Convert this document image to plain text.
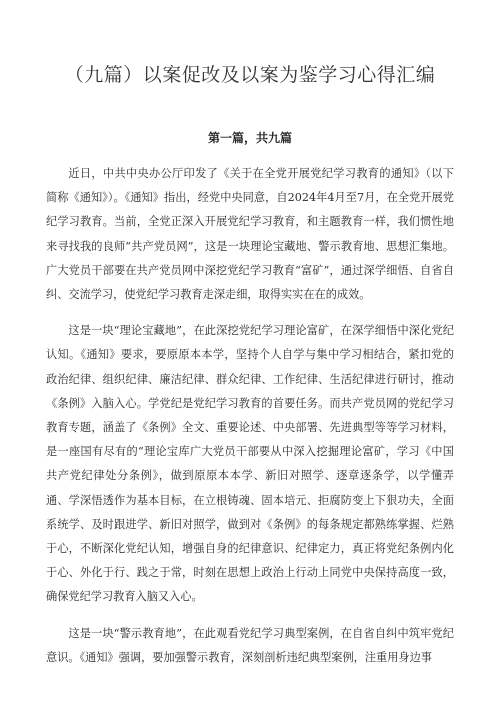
（九篇）以案促改及以案为鉴学习心得汇编
第一篇，共九篇

近日，中共中央办公厅印发了《关于在全党开展党纪学习教育的通知》（以下简称《通知》）。《通知》指出，经党中央同意，自2024年4月至7月，在全党开展党纪学习教育。当前，全党正深入开展党纪学习教育，和主题教育一样，我们惯性地来寻找我的良师“共产党员网”，这是一块理论宝藏地、警示教育地、思想汇集地。广大党员干部要在共产党员网中深挖党纪学习教育“富矿”，通过深学细悟、自省自纠、交流学习，使党纪学习教育走深走细，取得实实在在的成效。

这是一块“理论宝藏地”，在此深挖党纪学习理论富矿，在深学细悟中深化党纪认知。《通知》要求，要原原本本学，坚持个人自学与集中学习相结合，紧扣党的政治纪律、组织纪律、廉洁纪律、群众纪律、工作纪律、生活纪律进行研讨，推动《条例》入脑入心。学党纪是党纪学习教育的首要任务。而共产党员网的党纪学习教育专题，涵盖了《条例》全文、重要论述、中央部署、先进典型等等学习材料，是一座国有尽有的“理论宝库广大党员干部要从中深入挖掘理论富矿，学习《中国共产党纪律处分条例》，做到原原本本学、新旧对照学、逐章逐条学，以学懂弄通、学深悟透作为基本目标，在立根铸魂、固本培元、拒腐防变上下狠功夫，全面系统学、及时跟进学、新旧对照学，做到对《条例》的每条规定都熟练掌握、烂熟于心，不断深化党纪认知，增强自身的纪律意识、纪律定力，真正将党纪条例内化于心、外化于行、践之于常，时刻在思想上政治上行动上同党中央保持高度一致，确保党纪学习教育入脑又入心。

这是一块“警示教育地”，在此观看党纪学习典型案例，在自省自纠中筑牢党纪意识。《通知》强调，要加强警示教育，深刻剖析违纪典型案例，注重用身边事
